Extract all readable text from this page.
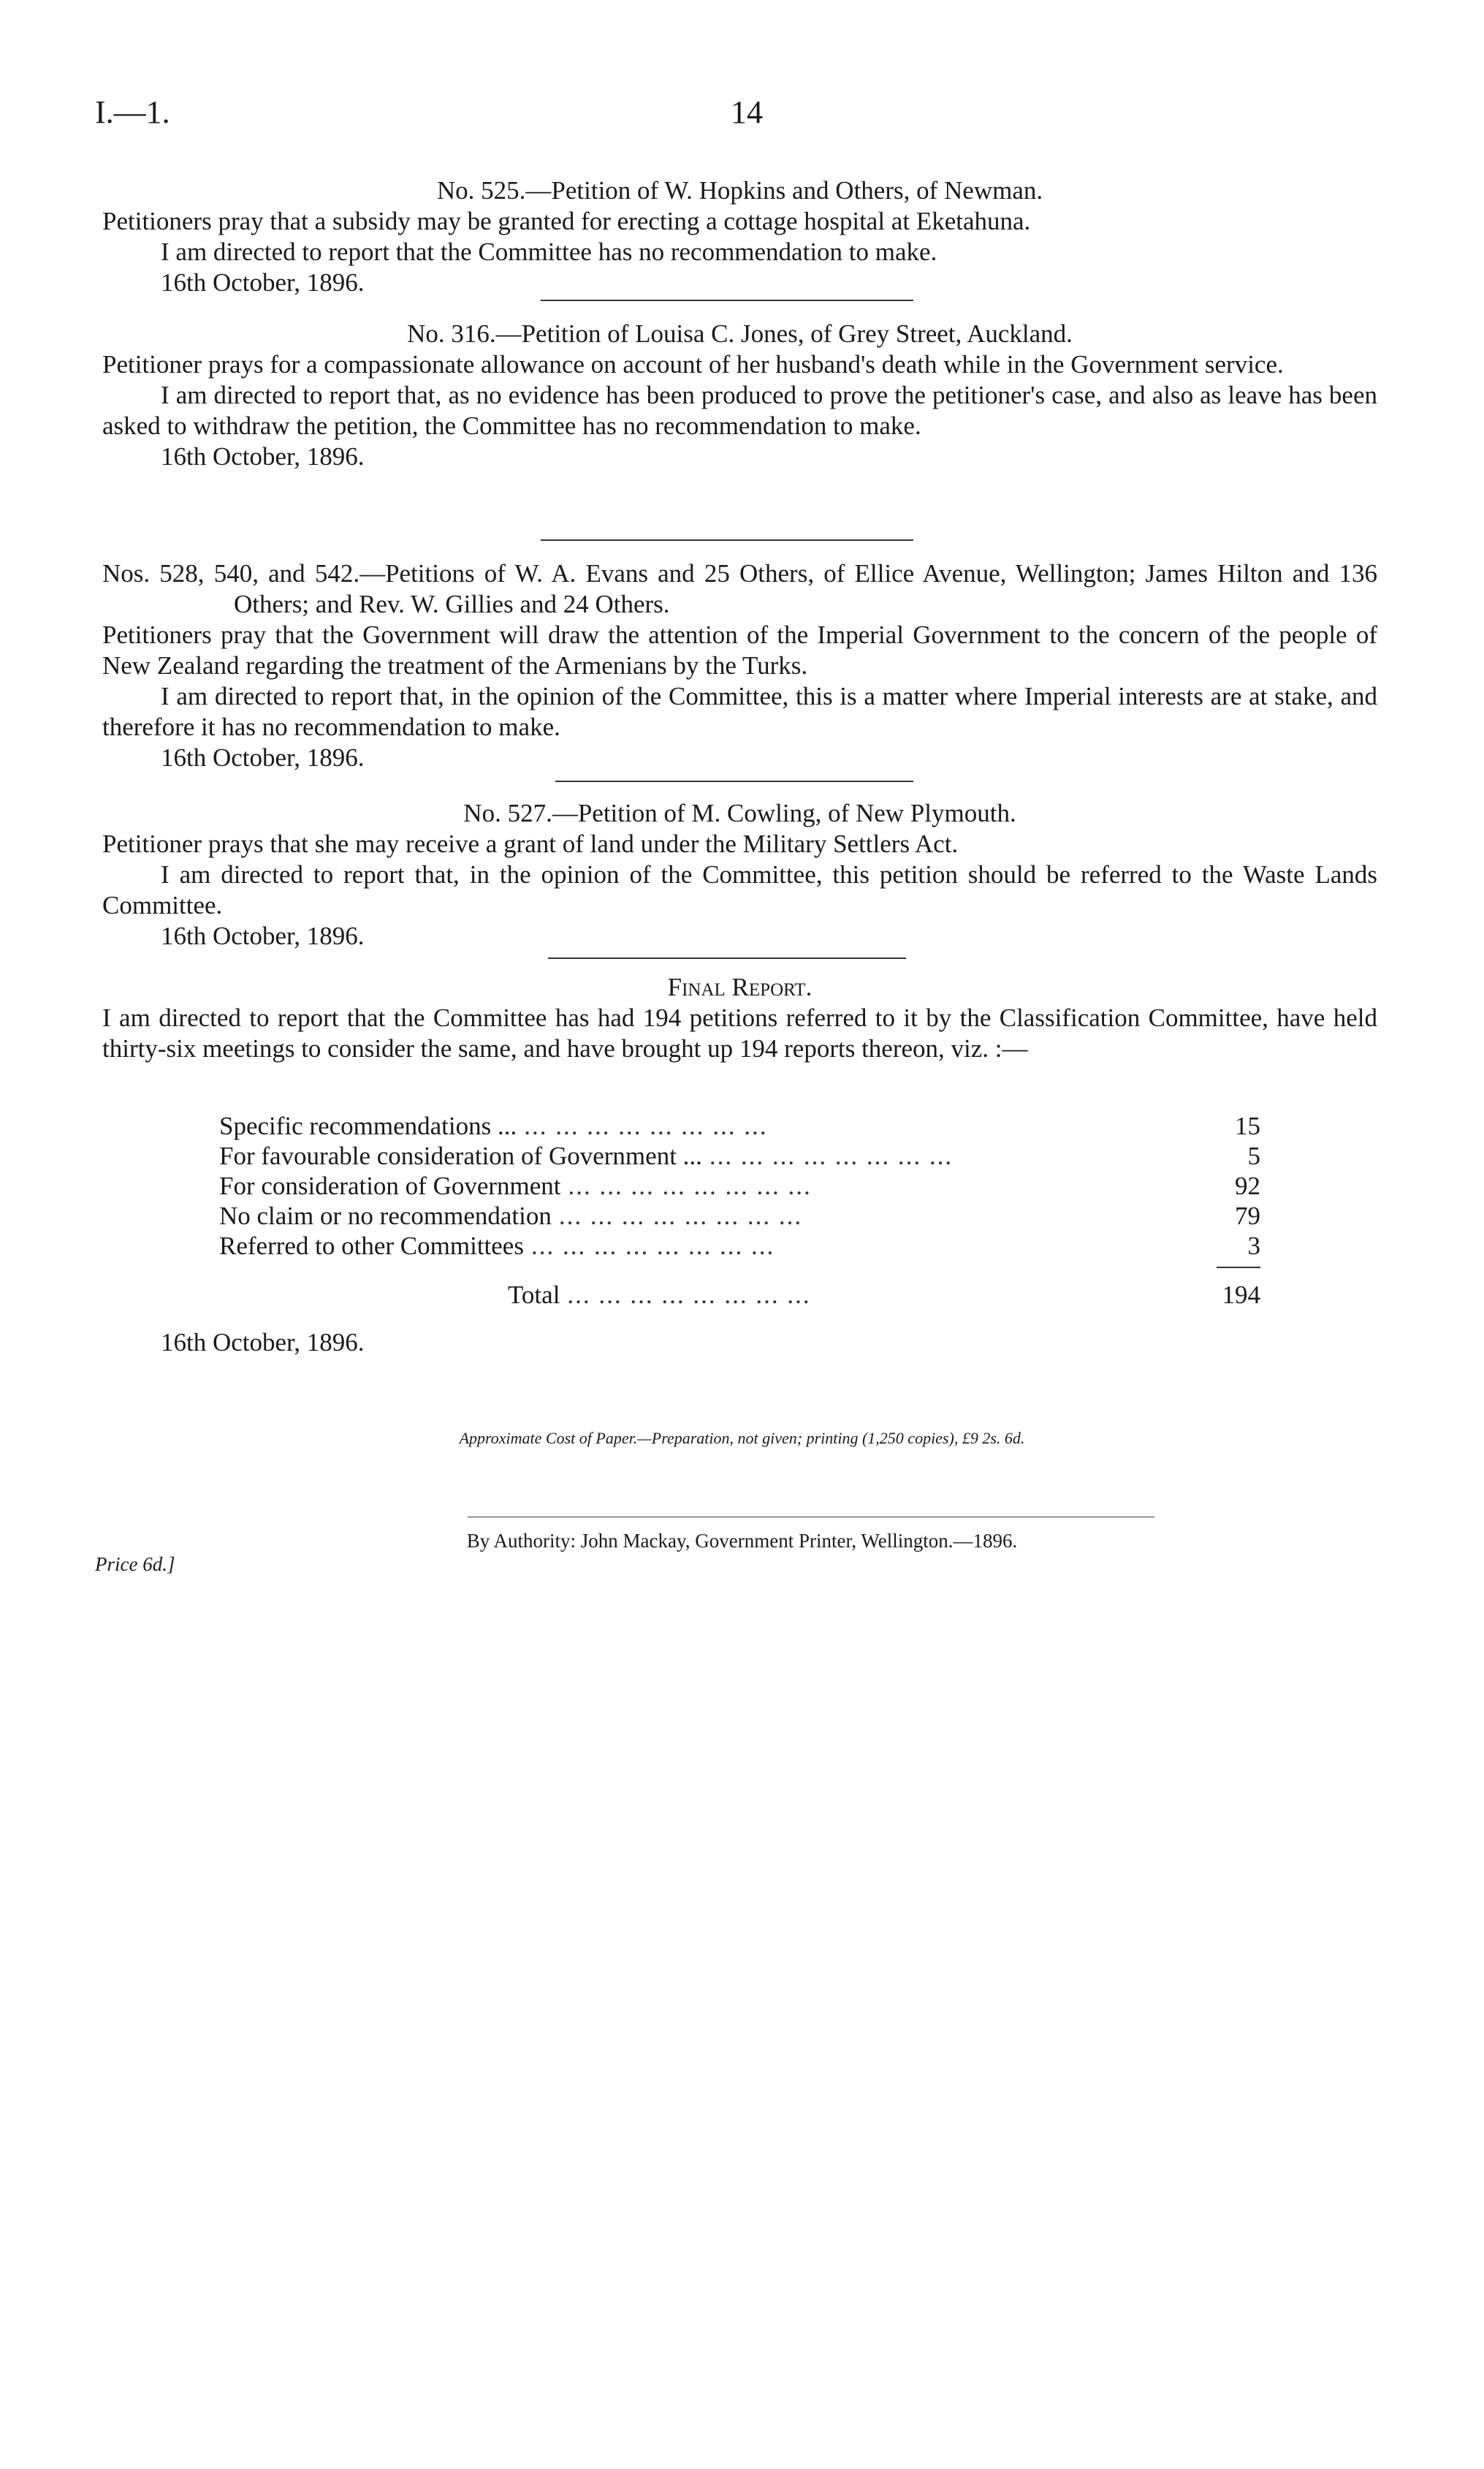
I.—1.	14
No. 525.—Petition of W. Hopkins and Others, of Newman.
Petitioners pray that a subsidy may be granted for erecting a cottage hospital at Eketahuna.
I am directed to report that the Committee has no recommendation to make.
16th October, 1896.
No. 316.—Petition of Louisa C. Jones, of Grey Street, Auckland.
Petitioner prays for a compassionate allowance on account of her husband's death while in the Government service.
I am directed to report that, as no evidence has been produced to prove the petitioner's case, and also as leave has been asked to withdraw the petition, the Committee has no recommendation to make.
16th October, 1896.
Nos. 528, 540, and 542.—Petitions of W. A. Evans and 25 Others, of Ellice Avenue, Wellington; James Hilton and 136 Others; and Rev. W. Gillies and 24 Others.
Petitioners pray that the Government will draw the attention of the Imperial Government to the concern of the people of New Zealand regarding the treatment of the Armenians by the Turks.
I am directed to report that, in the opinion of the Committee, this is a matter where Imperial interests are at stake, and therefore it has no recommendation to make.
16th October, 1896.
No. 527.—Petition of M. Cowling, of New Plymouth.
Petitioner prays that she may receive a grant of land under the Military Settlers Act.
I am directed to report that, in the opinion of the Committee, this petition should be referred to the Waste Lands Committee.
16th October, 1896.
Final Report.
I am directed to report that the Committee has had 194 petitions referred to it by the Classification Committee, have held thirty-six meetings to consider the same, and have brought up 194 reports thereon, viz. :—
Specific recommendations ... ... ... ... ... ... ... ... ...	15
For favourable consideration of Government ... ... ... ... ... ... ... ... ...	5
For consideration of Government ... ... ... ... ... ... ... ...	92
No claim or no recommendation ... ... ... ... ... ... ... ...	79
Referred to other Committees ... ... ... ... ... ... ... ...	3
Total ... ... ... ... ... ... ... ...	194
16th October, 1896.
Approximate Cost of Paper.—Preparation, not given; printing (1,250 copies), £9 2s. 6d.
By Authority: John Mackay, Government Printer, Wellington.—1896.
Price 6d.]
